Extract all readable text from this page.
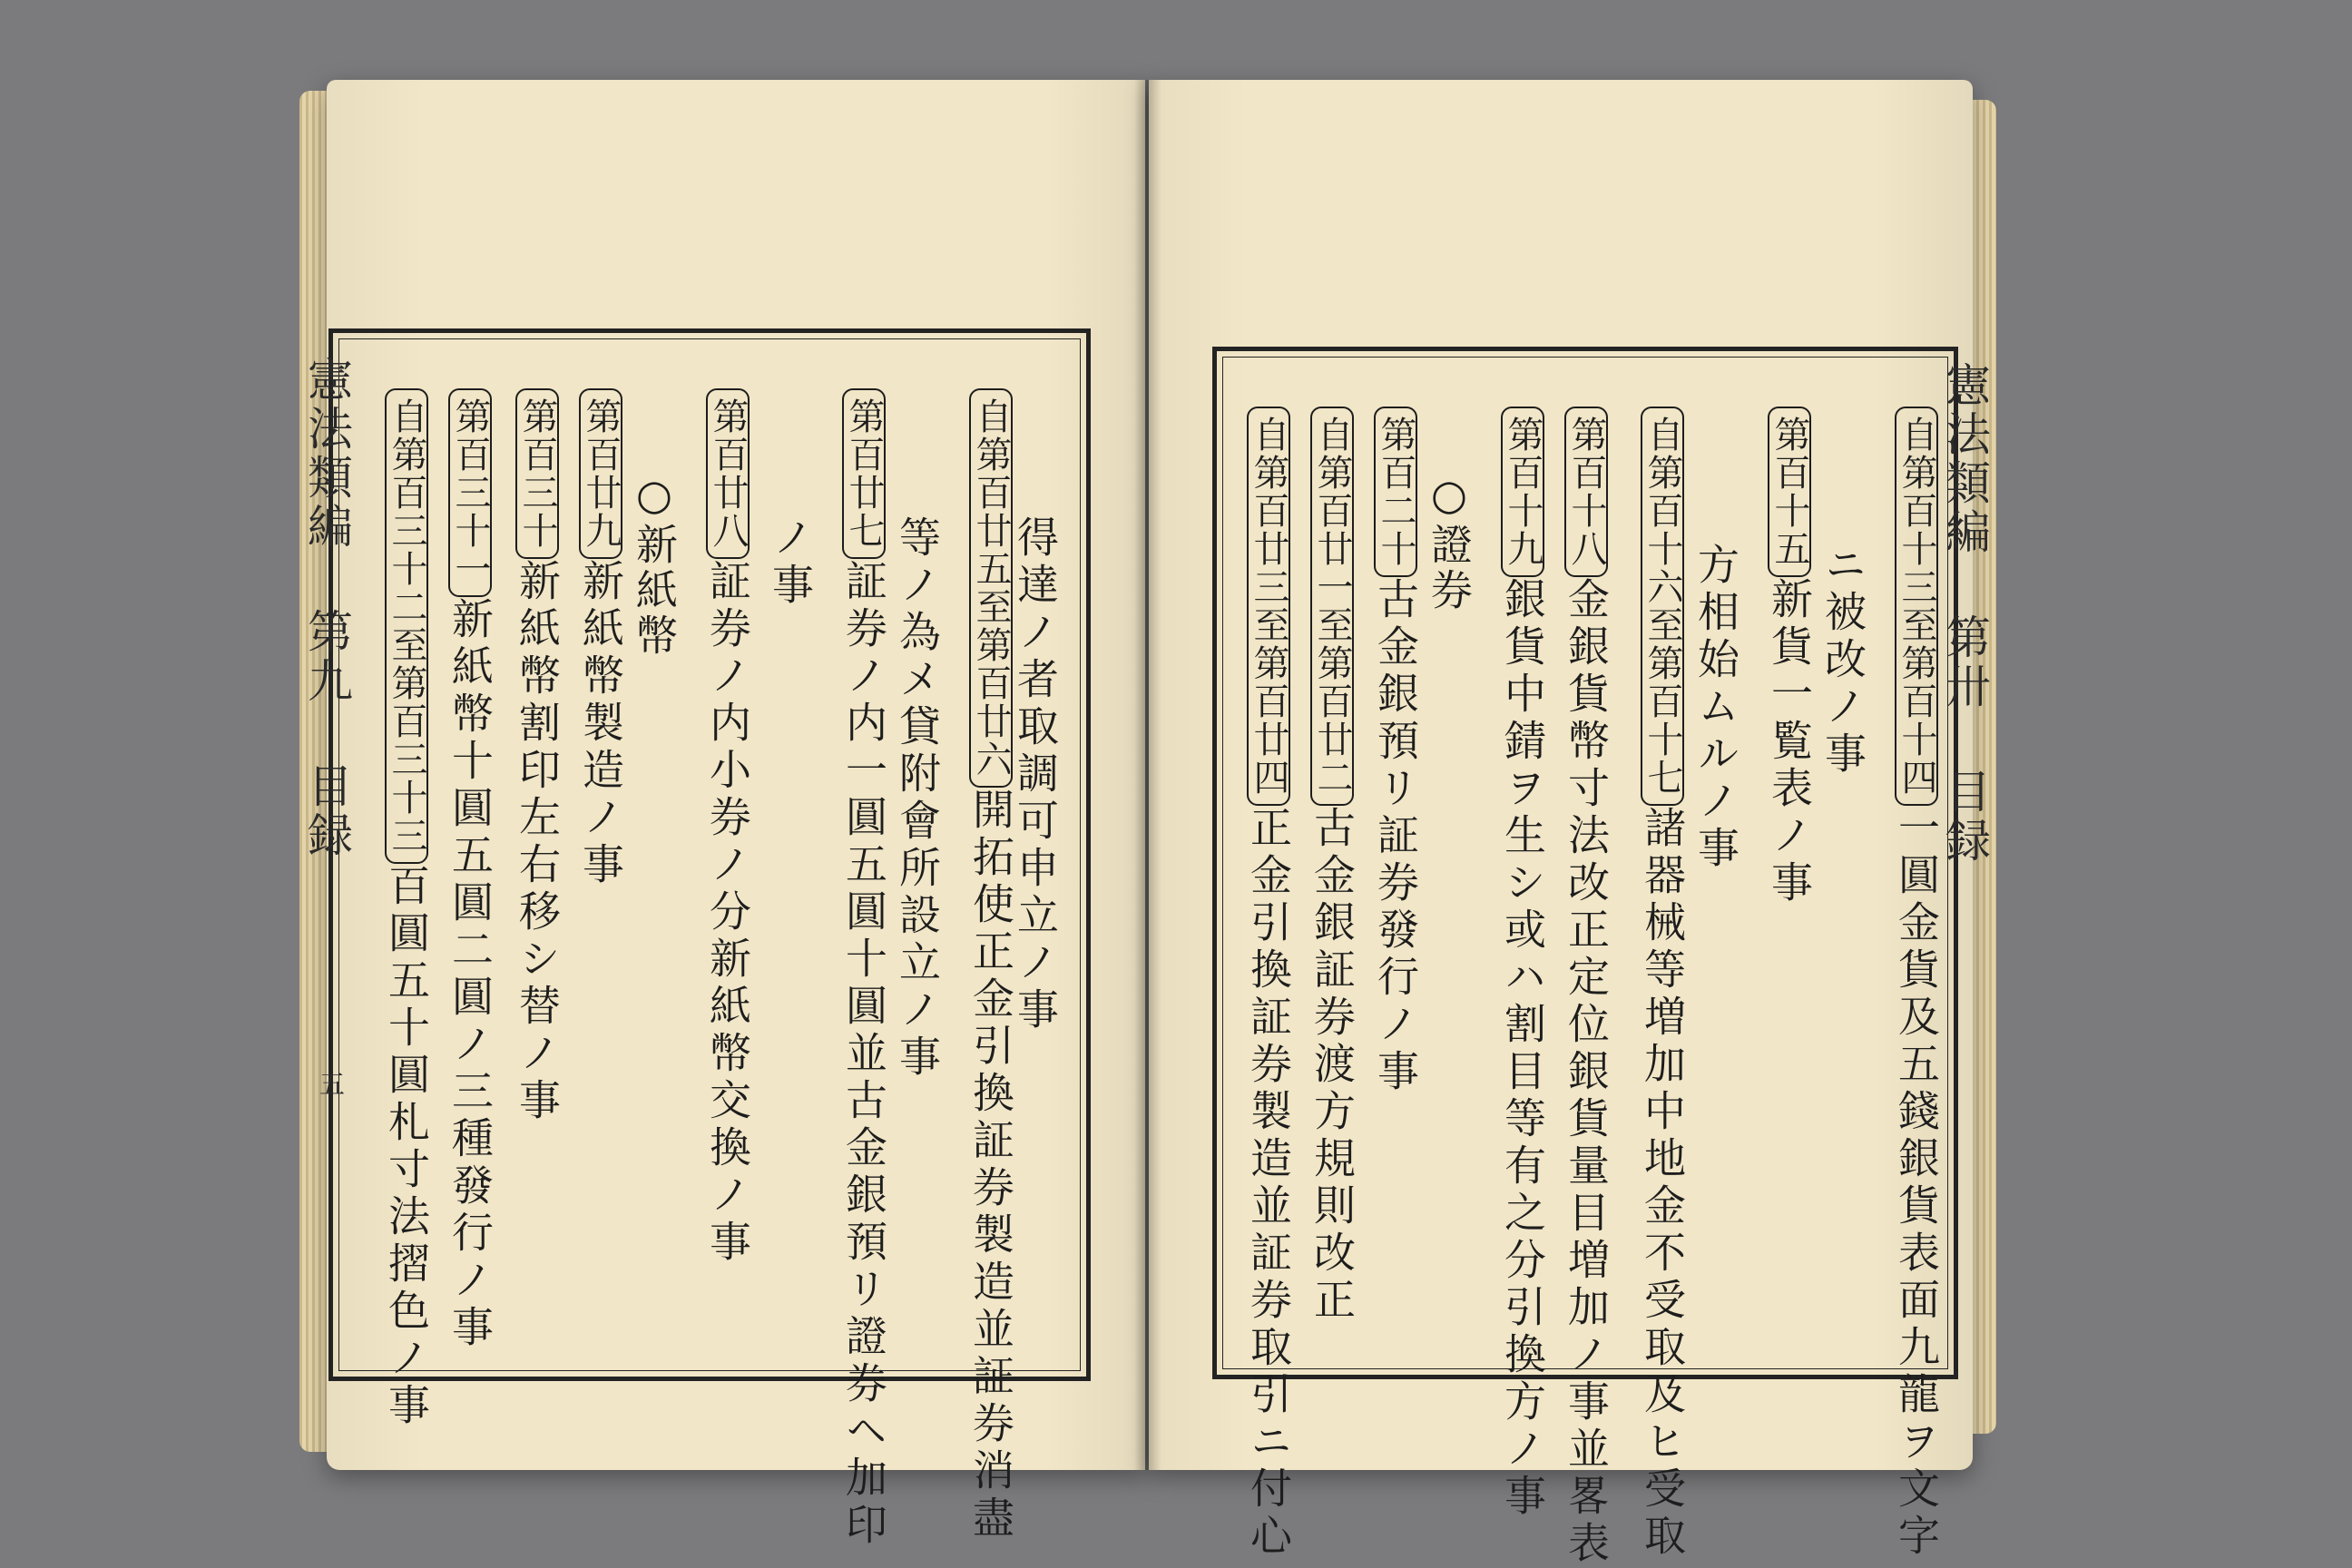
憲法類編 第九 目録
五
得達ノ者取調可申立ノ事
自第百廿五至第百廿六開拓使正金引換証券製造並証券消盡
等ノ為メ貸附會所設立ノ事
第百廿七証券ノ内一圓五圓十圓並古金銀預リ證券ヘ加印
ノ事
第百廿八証券ノ内小券ノ分新紙幣交換ノ事
○新紙幣
第百廿九新紙幣製造ノ事
第百三十新紙幣割印左右移シ替ノ事
第百三十一新紙幣十圓五圓二圓ノ三種發行ノ事
自第百三十二至第百三十三百圓五十圓札寸法摺色ノ事
憲法類編 第卅 目録
自第百十三至第百十四一圓金貨及五錢銀貨表面九龍ヲ文字
ニ被改ノ事
第百十五新貨一覧表ノ事
方相始ムルノ事
自第百十六至第百十七諸器械等増加中地金不受取及ヒ受取
第百十八金銀貨幣寸法改正定位銀貨量目増加ノ事並畧表
第百十九銀貨中錆ヲ生シ或ハ割目等有之分引換方ノ事
○證券
第百二十古金銀預リ証券發行ノ事
自第百廿一至第百廿二古金銀証券渡方規則改正
自第百廿三至第百廿四正金引換証券製造並証券取引ニ付心
